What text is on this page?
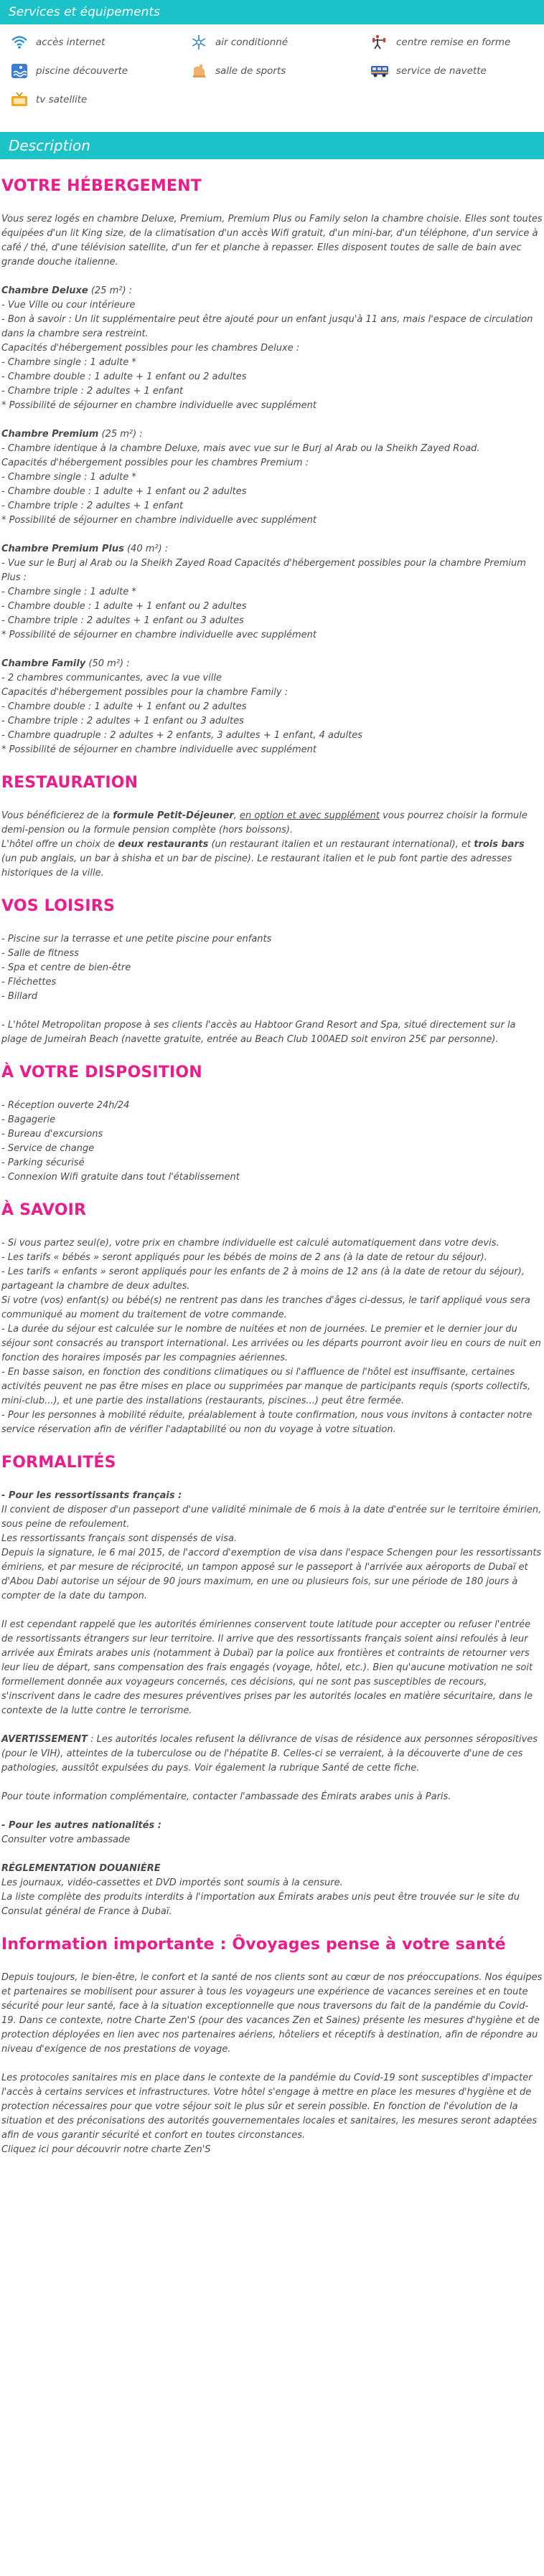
Services et équipements
accès internet	air conditionné	centre remise en forme
piscine découverte	salle de sports	service de navette
tv satellite
Description
VOTRE HÉBERGEMENT

Vous serez logés en chambre Deluxe, Premium, Premium Plus ou Family selon la chambre choisie. Elles sont toutes équipées d'un lit King size, de la climatisation d'un accès Wifi gratuit, d'un mini-bar, d'un téléphone, d'un service à café / thé, d'une télévision satellite, d'un fer et planche à repasser. Elles disposent toutes de salle de bain avec grande douche italienne.

Chambre Deluxe (25 m²) :
- Vue Ville ou cour intérieure
- Bon à savoir : Un lit supplémentaire peut être ajouté pour un enfant jusqu'à 11 ans, mais l'espace de circulation dans la chambre sera restreint.
Capacités d'hébergement possibles pour les chambres Deluxe :
- Chambre single : 1 adulte *
- Chambre double : 1 adulte + 1 enfant ou 2 adultes
- Chambre triple : 2 adultes + 1 enfant
* Possibilité de séjourner en chambre individuelle avec supplément
Chambre Premium (25 m²) :
- Chambre identique à la chambre Deluxe, mais avec vue sur le Burj al Arab ou la Sheikh Zayed Road.
Capacités d'hébergement possibles pour les chambres Premium :
- Chambre single : 1 adulte *
- Chambre double : 1 adulte + 1 enfant ou 2 adultes
- Chambre triple : 2 adultes + 1 enfant
* Possibilité de séjourner en chambre individuelle avec supplément
Chambre Premium Plus (40 m²) :
- Vue sur le Burj al Arab ou la Sheikh Zayed Road Capacités d'hébergement possibles pour la chambre Premium Plus :
- Chambre single : 1 adulte *
- Chambre double : 1 adulte + 1 enfant ou 2 adultes
- Chambre triple : 2 adultes + 1 enfant ou 3 adultes
* Possibilité de séjourner en chambre individuelle avec supplément
Chambre Family (50 m²) :
- 2 chambres communicantes, avec la vue ville
Capacités d'hébergement possibles pour la chambre Family :
- Chambre double : 1 adulte + 1 enfant ou 2 adultes
- Chambre triple : 2 adultes + 1 enfant ou 3 adultes
- Chambre quadruple : 2 adultes + 2 enfants, 3 adultes + 1 enfant, 4 adultes
* Possibilité de séjourner en chambre individuelle avec supplément
RESTAURATION

Vous bénéficierez de la formule Petit-Déjeuner, en option et avec supplément vous pourrez choisir la formule demi-pension ou la formule pension complète (hors boissons).
L'hôtel offre un choix de deux restaurants (un restaurant italien et un restaurant international), et trois bars (un pub anglais, un bar à shisha et un bar de piscine). Le restaurant italien et le pub font partie des adresses historiques de la ville.

VOS LOISIRS
- Piscine sur la terrasse et une petite piscine pour enfants
- Salle de fitness
- Spa et centre de bien-être
- Fléchettes
- Billard

- L'hôtel Metropolitan propose à ses clients l'accès au Habtoor Grand Resort and Spa, situé directement sur la plage de Jumeirah Beach (navette gratuite, entrée au Beach Club 100AED soit environ 25€ par personne).

À VOTRE DISPOSITION
- Réception ouverte 24h/24
- Bagagerie
- Bureau d'excursions
- Service de change
- Parking sécurisé
- Connexion Wifi gratuite dans tout l'établissement
À SAVOIR
- Si vous partez seul(e), votre prix en chambre individuelle est calculé automatiquement dans votre devis.
- Les tarifs « bébés » seront appliqués pour les bébés de moins de 2 ans (à la date de retour du séjour).
- Les tarifs « enfants » seront appliqués pour les enfants de 2 à moins de 12 ans (à la date de retour du séjour), partageant la chambre de deux adultes.
Si votre (vos) enfant(s) ou bébé(s) ne rentrent pas dans les tranches d'âges ci-dessus, le tarif appliqué vous sera communiqué au moment du traitement de votre commande.
- La durée du séjour est calculée sur le nombre de nuitées et non de journées. Le premier et le dernier jour du séjour sont consacrés au transport international. Les arrivées ou les départs pourront avoir lieu en cours de nuit en fonction des horaires imposés par les compagnies aériennes.
- En basse saison, en fonction des conditions climatiques ou si l'affluence de l'hôtel est insuffisante, certaines activités peuvent ne pas être mises en place ou supprimées par manque de participants requis (sports collectifs, mini-club...), et une partie des installations (restaurants, piscines...) peut être fermée.
- Pour les personnes à mobilité réduite, préalablement à toute confirmation, nous vous invitons à contacter notre service réservation afin de vérifier l'adaptabilité ou non du voyage à votre situation.
FORMALITÉS
- Pour les ressortissants français :
Il convient de disposer d'un passeport d'une validité minimale de 6 mois à la date d'entrée sur le territoire émirien, sous peine de refoulement.
Les ressortissants français sont dispensés de visa.
Depuis la signature, le 6 mai 2015, de l'accord d'exemption de visa dans l'espace Schengen pour les ressortissants émiriens, et par mesure de réciprocité, un tampon apposé sur le passeport à l'arrivée aux aéroports de Dubaï et d'Abou Dabi autorise un séjour de 90 jours maximum, en une ou plusieurs fois, sur une période de 180 jours à compter de la date du tampon.

Il est cependant rappelé que les autorités émiriennes conservent toute latitude pour accepter ou refuser l'entrée de ressortissants étrangers sur leur territoire. Il arrive que des ressortissants français soient ainsi refoulés à leur arrivée aux Émirats arabes unis (notamment à Dubaï) par la police aux frontières et contraints de retourner vers leur lieu de départ, sans compensation des frais engagés (voyage, hôtel, etc.). Bien qu'aucune motivation ne soit formellement donnée aux voyageurs concernés, ces décisions, qui ne sont pas susceptibles de recours, s'inscrivent dans le cadre des mesures préventives prises par les autorités locales en matière sécuritaire, dans le contexte de la lutte contre le terrorisme.

AVERTISSEMENT : Les autorités locales refusent la délivrance de visas de résidence aux personnes séropositives (pour le VIH), atteintes de la tuberculose ou de l'hépatite B. Celles-ci se verraient, à la découverte d'une de ces pathologies, aussitôt expulsées du pays. Voir également la rubrique Santé de cette fiche.

Pour toute information complémentaire, contacter l'ambassade des Émirats arabes unis à Paris.

- Pour les autres nationalités :
Consulter votre ambassade
RÉGLEMENTATION DOUANIÈRE
Les journaux, vidéo-cassettes et DVD importés sont soumis à la censure.
La liste complète des produits interdits à l'importation aux Émirats arabes unis peut être trouvée sur le site du Consulat général de France à Dubaï.
Information importante : Ôvoyages pense à votre santé

Depuis toujours, le bien-être, le confort et la santé de nos clients sont au cœur de nos préoccupations. Nos équipes et partenaires se mobilisent pour assurer à tous les voyageurs une expérience de vacances sereines et en toute sécurité pour leur santé, face à la situation exceptionnelle que nous traversons du fait de la pandémie du Covid-19. Dans ce contexte, notre Charte Zen'S (pour des vacances Zen et Saines) présente les mesures d'hygiène et de protection déployées en lien avec nos partenaires aériens, hôteliers et réceptifs à destination, afin de répondre au niveau d'exigence de nos prestations de voyage.

Les protocoles sanitaires mis en place dans le contexte de la pandémie du Covid-19 sont susceptibles d'impacter l'accès à certains services et infrastructures. Votre hôtel s'engage à mettre en place les mesures d'hygiène et de protection nécessaires pour que votre séjour soit le plus sûr et serein possible. En fonction de l'évolution de la situation et des préconisations des autorités gouvernementales locales et sanitaires, les mesures seront adaptées afin de vous garantir sécurité et confort en toutes circonstances.

Cliquez ici pour découvrir notre charte Zen'S
